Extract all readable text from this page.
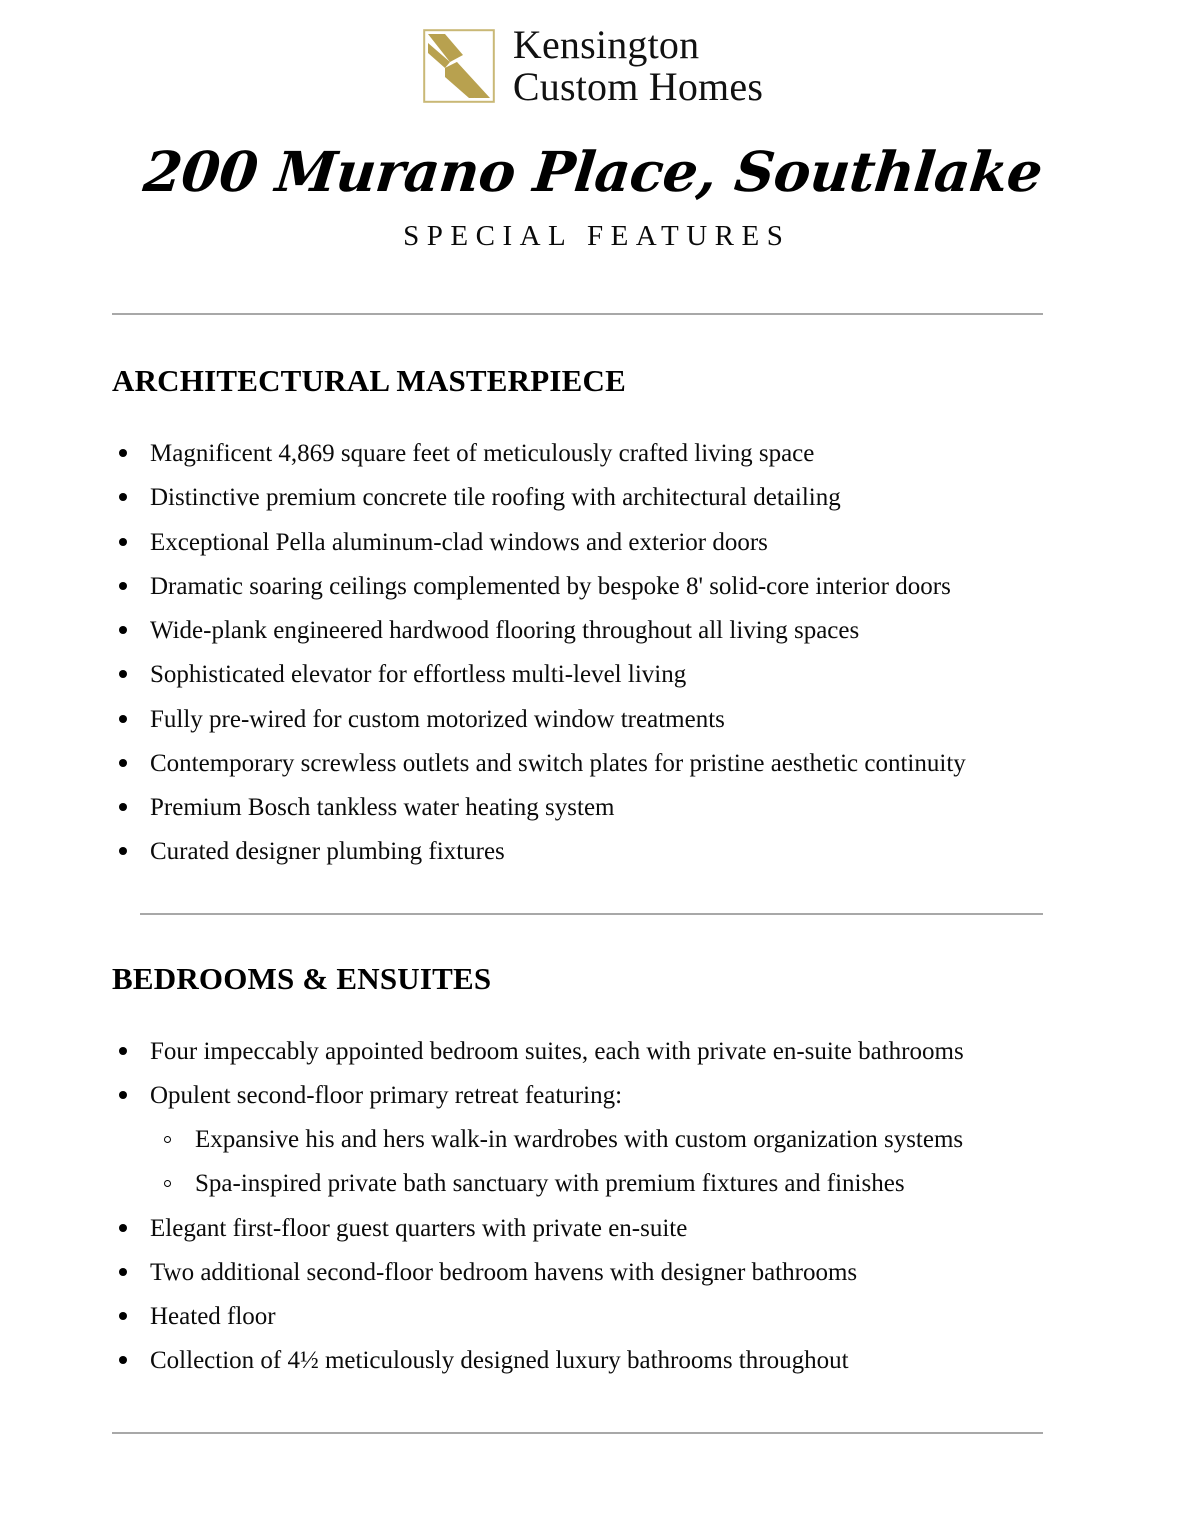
Kensington
Custom Homes
200 Murano Place, Southlake
SPECIAL FEATURES
ARCHITECTURAL MASTERPIECE
Magnificent 4,869 square feet of meticulously crafted living space
Distinctive premium concrete tile roofing with architectural detailing
Exceptional Pella aluminum-clad windows and exterior doors
Dramatic soaring ceilings complemented by bespoke 8' solid-core interior doors
Wide-plank engineered hardwood flooring throughout all living spaces
Sophisticated elevator for effortless multi-level living
Fully pre-wired for custom motorized window treatments
Contemporary screwless outlets and switch plates for pristine aesthetic continuity
Premium Bosch tankless water heating system
Curated designer plumbing fixtures
BEDROOMS & ENSUITES
Four impeccably appointed bedroom suites, each with private en-suite bathrooms
Opulent second-floor primary retreat featuring:
Expansive his and hers walk-in wardrobes with custom organization systems
Spa-inspired private bath sanctuary with premium fixtures and finishes
Elegant first-floor guest quarters with private en-suite
Two additional second-floor bedroom havens with designer bathrooms
Heated floor
Collection of 4½ meticulously designed luxury bathrooms throughout
